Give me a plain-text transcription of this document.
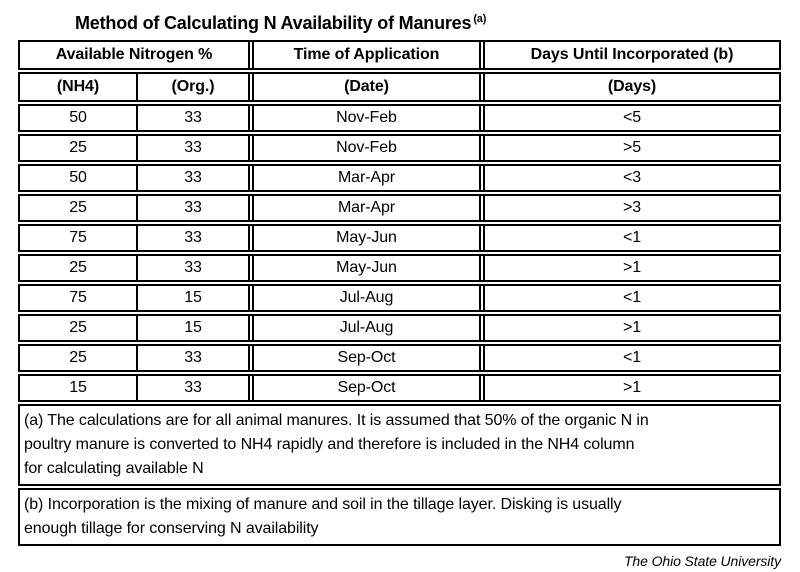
Method of Calculating N Availability of Manures $^{(a)}$
Available Nitrogen %	Time of Application	Days Until Incorporated (b)
(NH4)	(Org.)	(Date)	(Days)
50	33	Nov-Feb	<5
25	33	Nov-Feb	>5
50	33	Mar-Apr	<3
25	33	Mar-Apr	>3
75	33	May-Jun	<1
25	33	May-Jun	>1
75	15	Jul-Aug	<1
25	15	Jul-Aug	>1
25	33	Sep-Oct	<1
15	33	Sep-Oct	>1
(a) The calculations are for all animal manures. It is assumed that 50% of the organic N in
poultry manure is converted to NH4 rapidly and therefore is included in the NH4 column
for calculating available N
(b) Incorporation is the mixing of manure and soil in the tillage layer. Disking is usually
enough tillage for conserving N availability
The Ohio State University
